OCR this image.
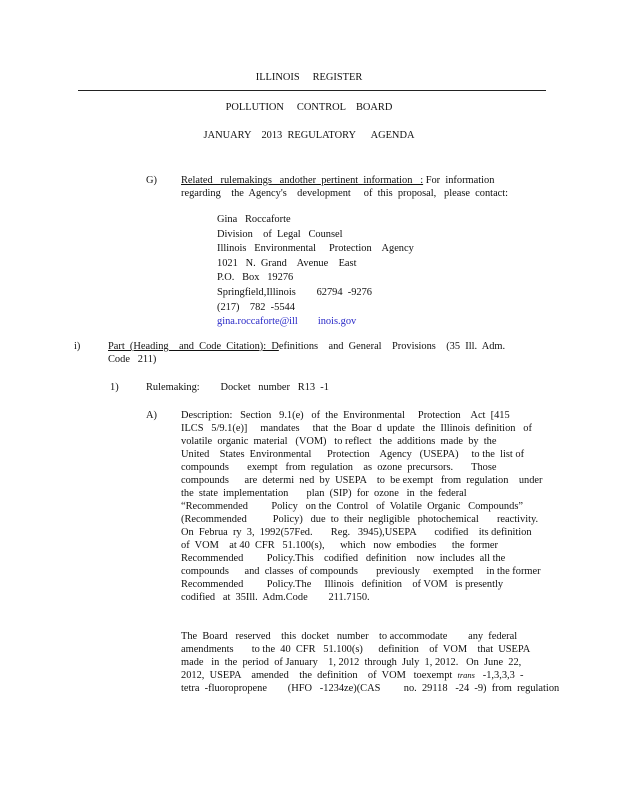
ILLINOIS     REGISTER
POLLUTION     CONTROL    BOARD
JANUARY    2013  REGULATORY      AGENDA
G) Related   rulemakings   andother  pertinent  information   : For  information
regarding    the  Agency's    development     of  this  proposal,   please  contact:
Gina   Roccaforte
Division    of  Legal   Counsel
Illinois   Environmental     Protection    Agency
1021   N.  Grand    Avenue    East
P.O.   Box   19276
Springfield,Illinois        62794  -9276
(217)    782  -5544
gina.roccaforte@ill inois.gov
i)	Part  (Heading    and  Code  Citation):  Definitions    and  General    Provisions    (35  Ill.  Adm.
Code   211)
1)	Rulemaking:        Docket   number   R13  -1
A) Description:   Section   9.1(e)   of  the  Environmental     Protection    Act  [415
ILCS   5/9.1(e)]     mandates     that  the  Boar  d  update   the  Illinois  definition   of
volatile  organic  material   (VOM)   to reflect   the  additions  made  by  the
United    States  Environmental      Protection    Agency   (USEPA)     to the  list of
compounds       exempt   from  regulation    as  ozone  precursors.       Those
compounds      are  determi  ned  by  USEPA    to  be exempt   from  regulation    under
the  state  implementation       plan  (SIP)  for  ozone   in  the  federal
“Recommended         Policy   on the  Control   of  Volatile  Organic   Compounds”
(Recommended          Policy)   due  to  their  negligible   photochemical       reactivity.
On  Februa  ry  3,  1992(57Fed.       Reg.   3945),USEPA       codified    its definition
of  VOM    at 40  CFR   51.100(s),      which   now  embodies      the  former
Recommended         Policy.This    codified   definition    now  includes  all the
compounds      and  classes  of compounds       previously     exempted     in the former
Recommended         Policy.The     Illinois   definition    of VOM   is presently
codified   at  35Ill.  Adm.Code        211.7150.
The  Board   reserved    this  docket   number    to accommodate        any  federal
amendments       to the  40  CFR   51.100(s)      definition    of  VOM    that  USEPA
made   in  the  period  of January    1, 2012  through  July  1, 2012.   On  June  22,
2012,  USEPA    amended    the  definition    of  VOM   toexempt trans   -1,3,3,3  -
tetra  -fluoropropene        (HFO   -1234ze)(CAS         no.  29118   -24  -9)  from  regulation
